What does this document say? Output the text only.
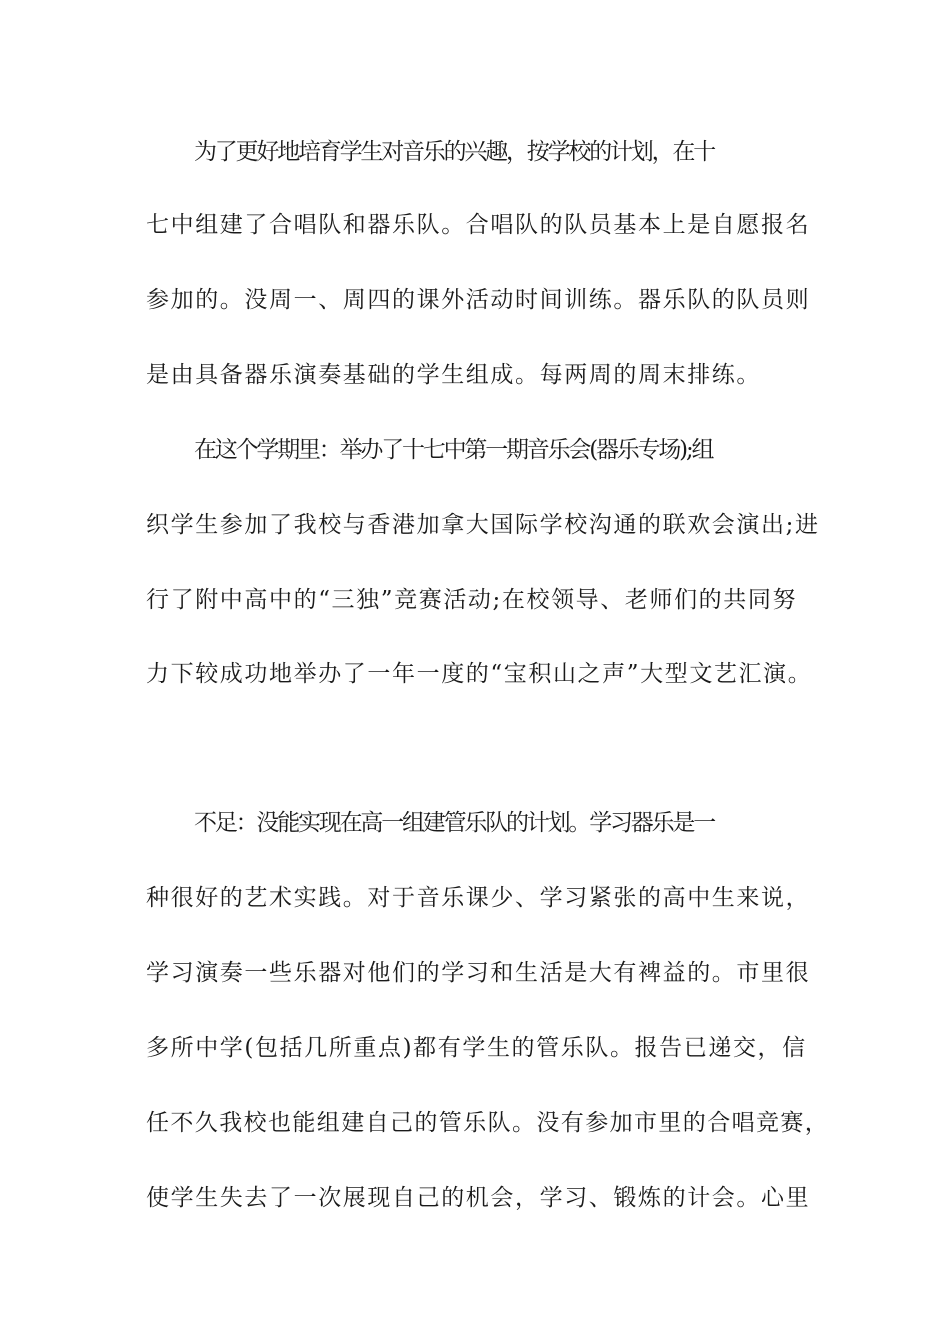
为了更好地培育学生对音乐的兴趣，按学校的计划，在十
七中组建了合唱队和器乐队。合唱队的队员基本上是自愿报名
参加的。没周一、周四的课外活动时间训练。器乐队的队员则
是由具备器乐演奏基础的学生组成。每两周的周末排练。
在这个学期里：举办了十七中第一期音乐会(器乐专场);组
织学生参加了我校与香港加拿大国际学校沟通的联欢会演出;进
行了附中高中的“三独”竞赛活动;在校领导、老师们的共同努
力下较成功地举办了一年一度的“宝积山之声”大型文艺汇演。
不足：没能实现在高一组建管乐队的计划。学习器乐是一
种很好的艺术实践。对于音乐课少、学习紧张的高中生来说，
学习演奏一些乐器对他们的学习和生活是大有裨益的。市里很
多所中学(包括几所重点)都有学生的管乐队。报告已递交，信
任不久我校也能组建自己的管乐队。没有参加市里的合唱竞赛，
使学生失去了一次展现自己的机会，学习、锻炼的计会。心里
